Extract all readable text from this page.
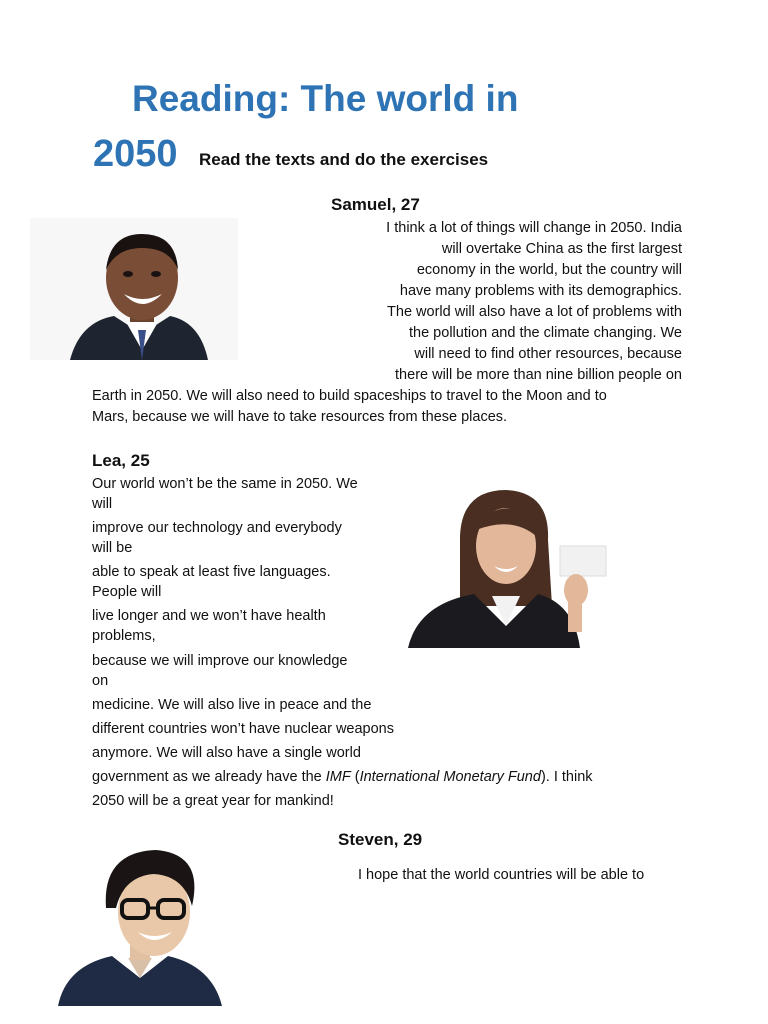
Reading: The world in
2050 Read the texts and do the exercises
Samuel, 27
I think a lot of things will change in 2050. India
will overtake China as the first largest
economy in the world, but the country will
have many problems with its demographics.
The world will also have a lot of problems with
the pollution and the climate changing. We
will need to find other resources, because
there will be more than nine billion people on
Earth in 2050. We will also need to build spaceships to travel to the Moon and to
Mars, because we will have to take resources from these places.
Lea, 25
Our world won’t be the same in 2050. We
will
improve our technology and everybody
will be
able to speak at least five languages.
People will
live longer and we won’t have health
problems,
because we will improve our knowledge
on
medicine. We will also live in peace and the
different countries won’t have nuclear weapons
anymore. We will also have a single world
government as we already have the IMF (International Monetary Fund). I think
2050 will be a great year for mankind!
Steven, 29
I hope that the world countries will be able to
